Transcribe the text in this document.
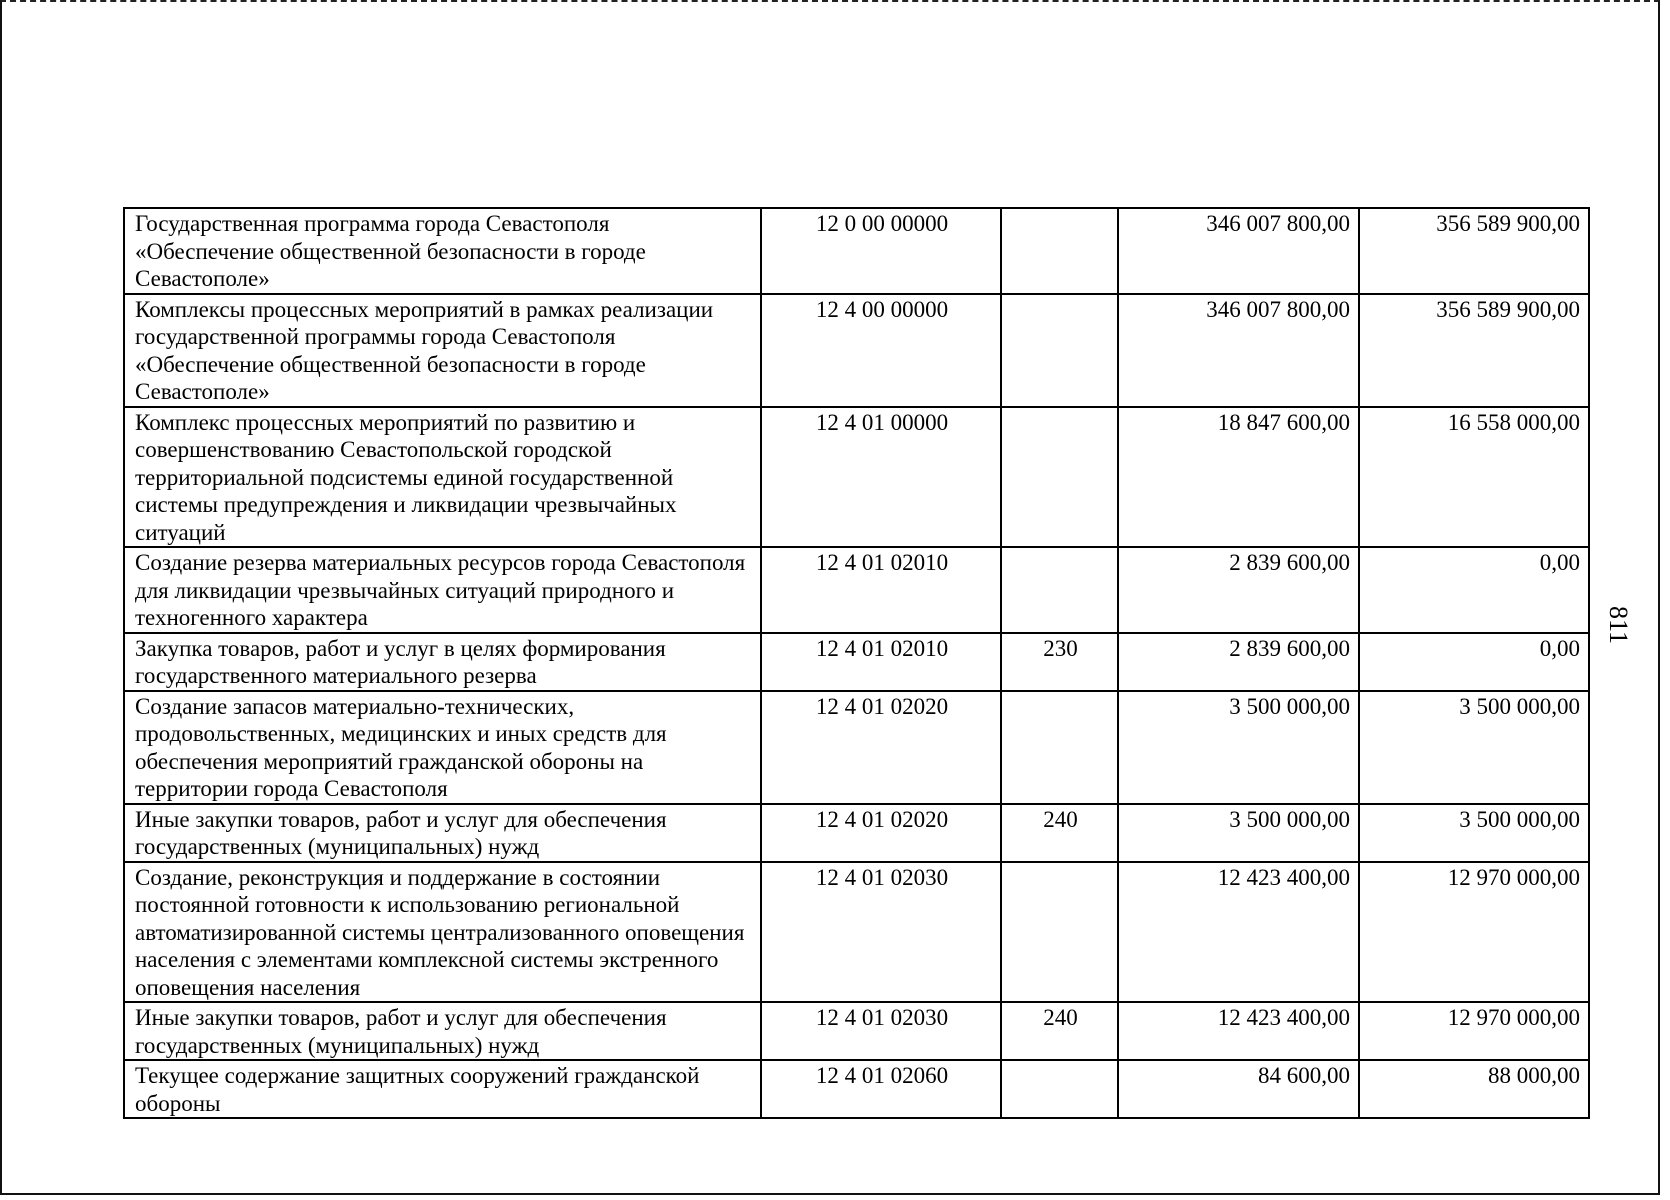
Государственная программа города Севастополя «Обеспечение общественной безопасности в городе Севастополе»	12 0 00 00000		346 007 800,00	356 589 900,00
Комплексы процессных мероприятий в рамках реализации государственной программы города Севастополя «Обеспечение общественной безопасности в городе Севастополе»	12 4 00 00000		346 007 800,00	356 589 900,00
Комплекс процессных мероприятий по развитию и совершенствованию Севастопольской городской территориальной подсистемы единой государственной системы предупреждения и ликвидации чрезвычайных ситуаций	12 4 01 00000		18 847 600,00	16 558 000,00
Создание резерва материальных ресурсов города Севастополя для ликвидации чрезвычайных ситуаций природного и техногенного характера	12 4 01 02010		2 839 600,00	0,00
Закупка товаров, работ и услуг в целях формирования государственного материального резерва	12 4 01 02010	230	2 839 600,00	0,00
Создание запасов материально-технических, продовольственных, медицинских и иных средств для обеспечения мероприятий гражданской обороны на территории города Севастополя	12 4 01 02020		3 500 000,00	3 500 000,00
Иные закупки товаров, работ и услуг для обеспечения государственных (муниципальных) нужд	12 4 01 02020	240	3 500 000,00	3 500 000,00
Создание, реконструкция и поддержание в состоянии постоянной готовности к использованию региональной автоматизированной системы централизованного оповещения населения с элементами комплексной системы экстренного оповещения населения	12 4 01 02030		12 423 400,00	12 970 000,00
Иные закупки товаров, работ и услуг для обеспечения государственных (муниципальных) нужд	12 4 01 02030	240	12 423 400,00	12 970 000,00
Текущее содержание защитных сооружений гражданской обороны	12 4 01 02060		84 600,00	88 000,00
811
